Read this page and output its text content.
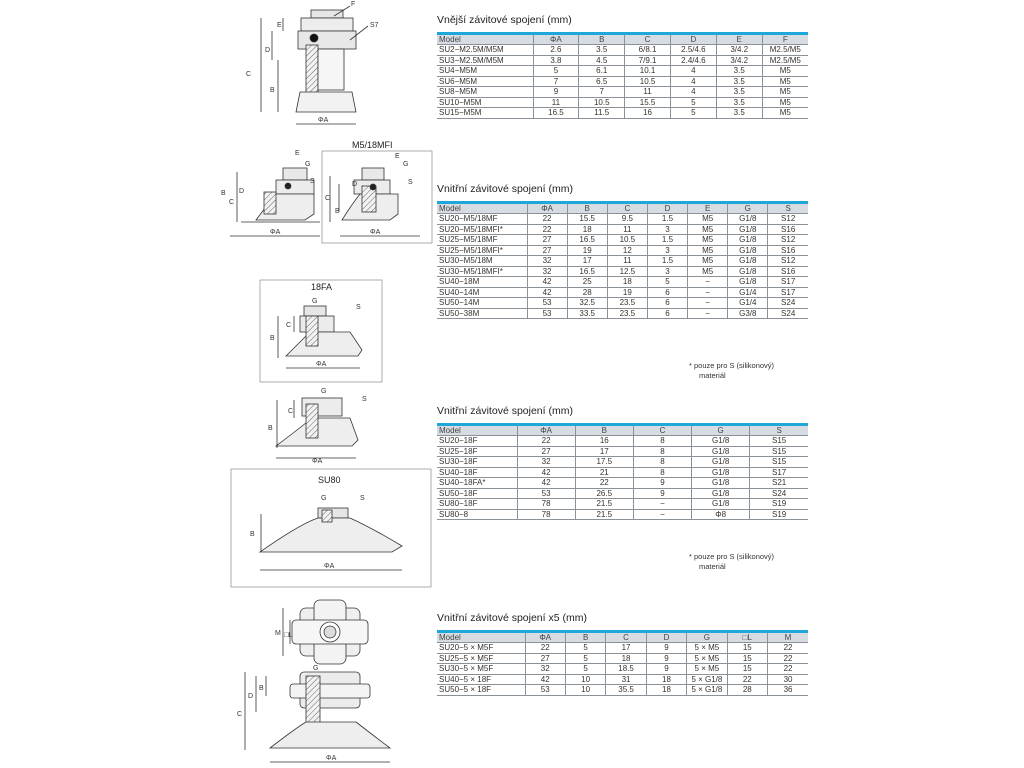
C
D
B
E
F
S7
ΦA
B
C
D
E
G
S
ΦA
M5/18MFI
C
D
B
E
G
S
ΦA
18FA
B
C
G
S
ΦA
B
C
G
S
ΦA
SU80
B
G	S
ΦA
M □L
C
D
B
G
ΦA
Vnější závitové spojení (mm)
Model	ΦA	B	C	D	E	F
SU2−M2.5M/M5M	2.6	3.5	6/8.1	2.5/4.6	3/4.2	M2.5/M5
SU3−M2.5M/M5M	3.8	4.5	7/9.1	2.4/4.6	3/4.2	M2.5/M5
SU4−M5M	5	6.1	10.1	4	3.5	M5
SU6−M5M	7	6.5	10.5	4	3.5	M5
SU8−M5M	9	7	11	4	3.5	M5
SU10−M5M	11	10.5	15.5	5	3.5	M5
SU15−M5M	16.5	11.5	16	5	3.5	M5
Vnitřní závitové spojení (mm)
Model	ΦA	B	C	D	E	G	S
SU20−M5/18MF	22	15.5	9.5	1.5	M5	G1/8	S12
SU20−M5/18MFI*	22	18	11	3	M5	G1/8	S16
SU25−M5/18MF	27	16.5	10.5	1.5	M5	G1/8	S12
SU25−M5/18MFI*	27	19	12	3	M5	G1/8	S16
SU30−M5/18M	32	17	11	1.5	M5	G1/8	S12
SU30−M5/18MFI*	32	16.5	12.5	3	M5	G1/8	S16
SU40−18M	42	25	18	5	−	G1/8	S17
SU40−14M	42	28	19	6	−	G1/4	S17
SU50−14M	53	32.5	23.5	6	−	G1/4	S24
SU50−38M	53	33.5	23.5	6	−	G3/8	S24
* pouze pro S (silikonový)
materiál
Vnitřní závitové spojení (mm)
Model	ΦA	B	C	G	S
SU20−18F	22	16	8	G1/8	S15
SU25−18F	27	17	8	G1/8	S15
SU30−18F	32	17.5	8	G1/8	S15
SU40−18F	42	21	8	G1/8	S17
SU40−18FA*	42	22	9	G1/8	S21
SU50−18F	53	26.5	9	G1/8	S24
SU80−18F	78	21.5	−	G1/8	S19
SU80−8	78	21.5	−	Φ8	S19
* pouze pro S (silikonový)
materiál
Vnitřní závitové spojení x5 (mm)
Model	ΦA	B	C	D	G	□L	M
SU20−5 × M5F	22	5	17	9	5 × M5	15	22
SU25−5 × M5F	27	5	18	9	5 × M5	15	22
SU30−5 × M5F	32	5	18.5	9	5 × M5	15	22
SU40−5 × 18F	42	10	31	18	5 × G1/8	22	30
SU50−5 × 18F	53	10	35.5	18	5 × G1/8	28	36
